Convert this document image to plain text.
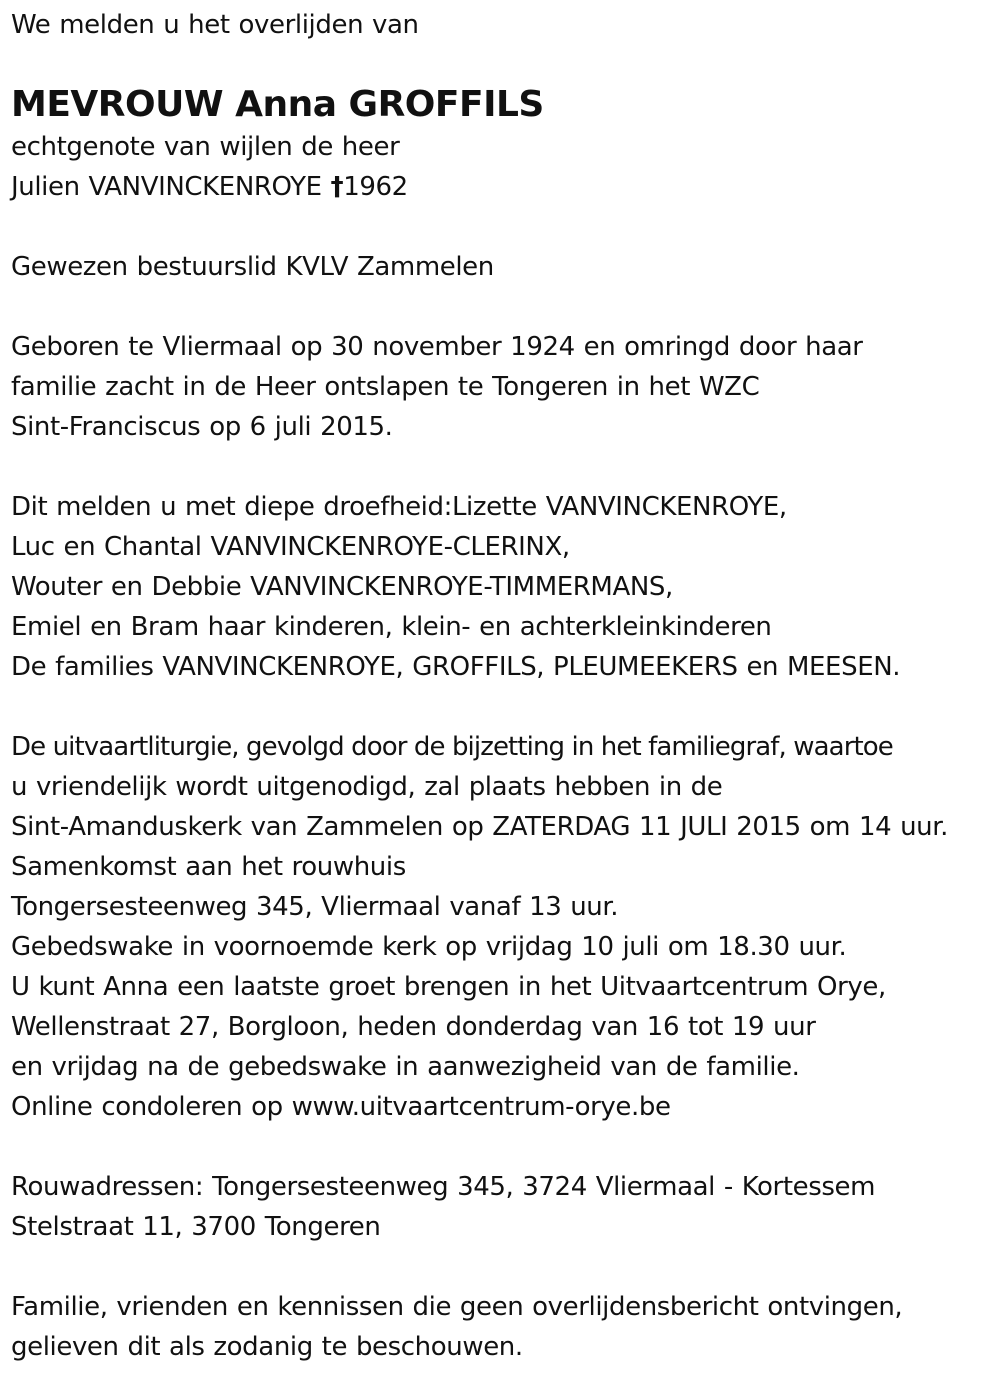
We melden u het overlijden van
MEVROUW Anna GROFFILS
echtgenote van wijlen de heer
Julien VANVINCKENROYE †1962
Gewezen bestuurslid KVLV Zammelen
Geboren te Vliermaal op 30 november 1924 en omringd door haar
familie zacht in de Heer ontslapen te Tongeren in het WZC
Sint-Franciscus op 6 juli 2015.
Dit melden u met diepe droefheid:Lizette VANVINCKENROYE,
Luc en Chantal VANVINCKENROYE-CLERINX,
Wouter en Debbie VANVINCKENROYE-TIMMERMANS,
Emiel en Bram haar kinderen, klein- en achterkleinkinderen
De families VANVINCKENROYE, GROFFILS, PLEUMEEKERS en MEESEN.
De uitvaartliturgie, gevolgd door de bijzetting in het familiegraf, waartoe
u vriendelijk wordt uitgenodigd, zal plaats hebben in de
Sint-Amanduskerk van Zammelen op ZATERDAG 11 JULI 2015 om 14 uur.
Samenkomst aan het rouwhuis
Tongersesteenweg 345, Vliermaal vanaf 13 uur.
Gebedswake in voornoemde kerk op vrijdag 10 juli om 18.30 uur.
U kunt Anna een laatste groet brengen in het Uitvaartcentrum Orye,
Wellenstraat 27, Borgloon, heden donderdag van 16 tot 19 uur
en vrijdag na de gebedswake in aanwezigheid van de familie.
Online condoleren op www.uitvaartcentrum-orye.be
Rouwadressen: Tongersesteenweg 345, 3724 Vliermaal - Kortessem
Stelstraat 11, 3700 Tongeren
Familie, vrienden en kennissen die geen overlijdensbericht ontvingen,
gelieven dit als zodanig te beschouwen.
